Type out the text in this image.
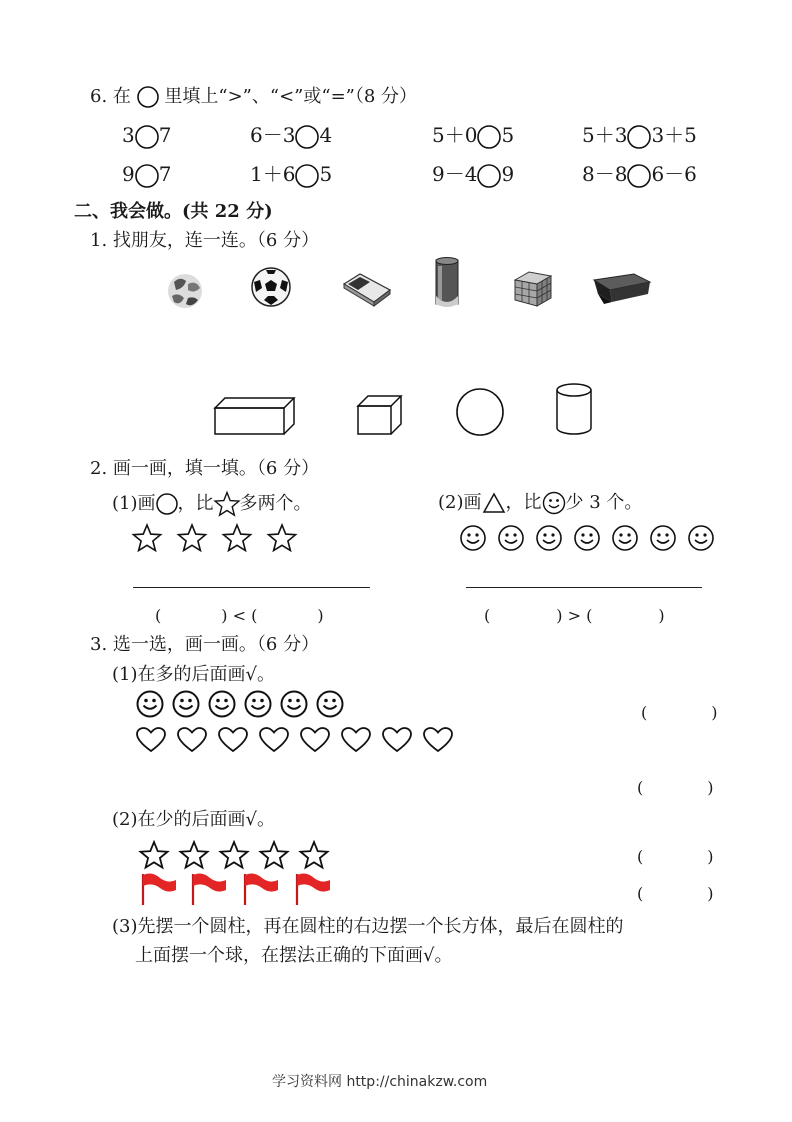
6. 在 里填上“>”、“<”或“=”（8 分）
3 7	6－3 4	5＋0 5	5＋3 3＋5
9 7	1＋6 5	9－4 9	8－8 6－6
二、我会做。(共 22 分)
1. 找朋友，连一连。（6 分）
2. 画一画，填一填。（6 分）
(1)画 ，比 多两个。

(	) < (	)
(2)画 ，比 少 3 个。
(	) > (	)
3. 选一选，画一画。（6 分）
(1)在多的后面画√。
(	)
(	)
(2)在少的后面画√。
(	)
(	)
(3)先摆一个圆柱，再在圆柱的右边摆一个长方体，最后在圆柱的
上面摆一个球，在摆法正确的下面画√。
学习资料网 http://chinakzw.com
